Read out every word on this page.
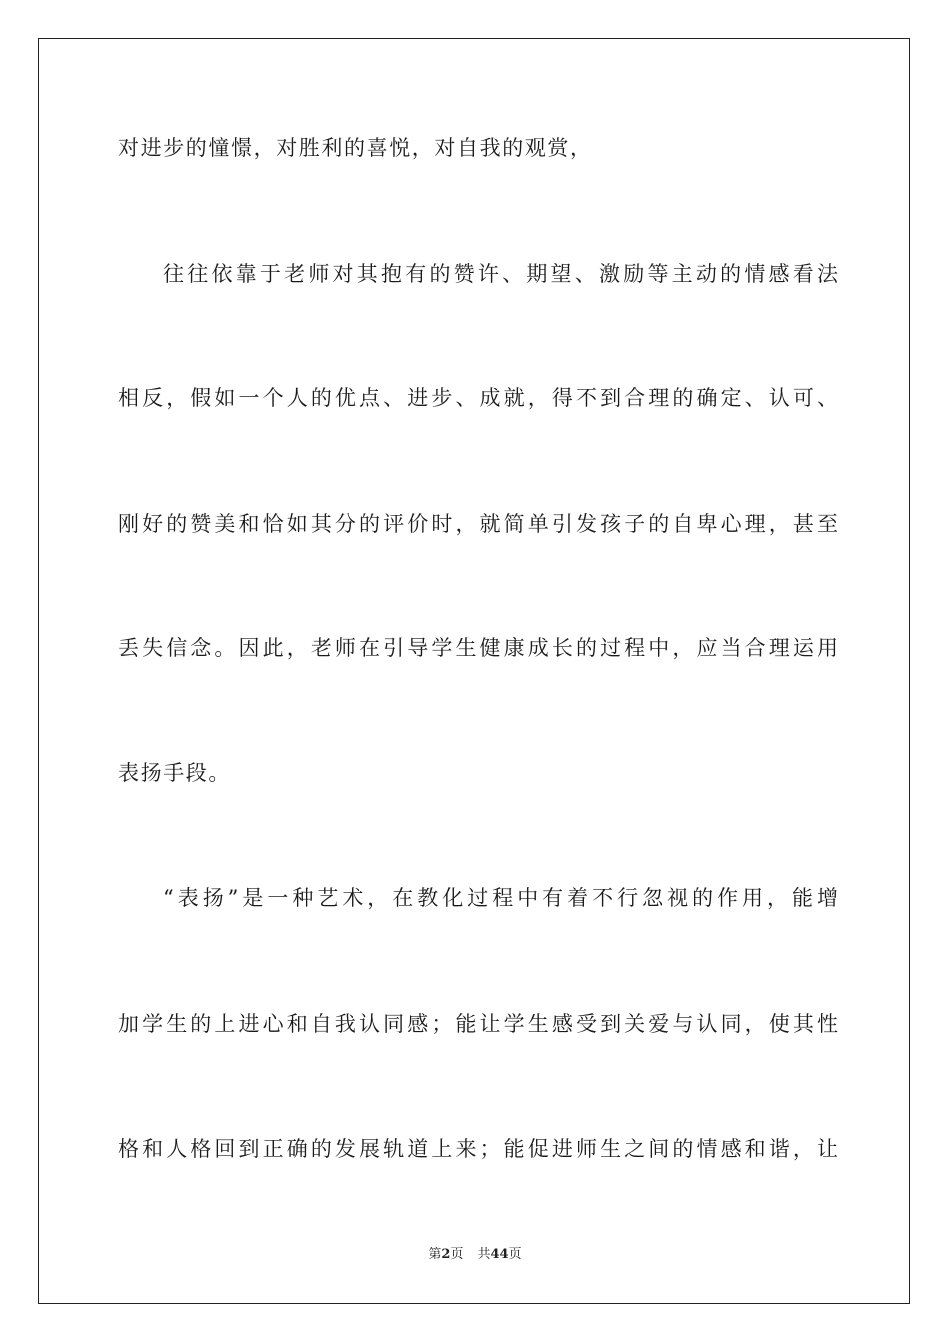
对进步的憧憬，对胜利的喜悦，对自我的观赏，
往往依靠于老师对其抱有的赞许、期望、激励等主动的情感看法
相反，假如一个人的优点、进步、成就，得不到合理的确定、认可、
刚好的赞美和恰如其分的评价时，就简单引发孩子的自卑心理，甚至
丢失信念。因此，老师在引导学生健康成长的过程中，应当合理运用
表扬手段。
“表扬”是一种艺术，在教化过程中有着不行忽视的作用，能增
加学生的上进心和自我认同感；能让学生感受到关爱与认同，使其性
格和人格回到正确的发展轨道上来；能促进师生之间的情感和谐，让
第2页 共44页
